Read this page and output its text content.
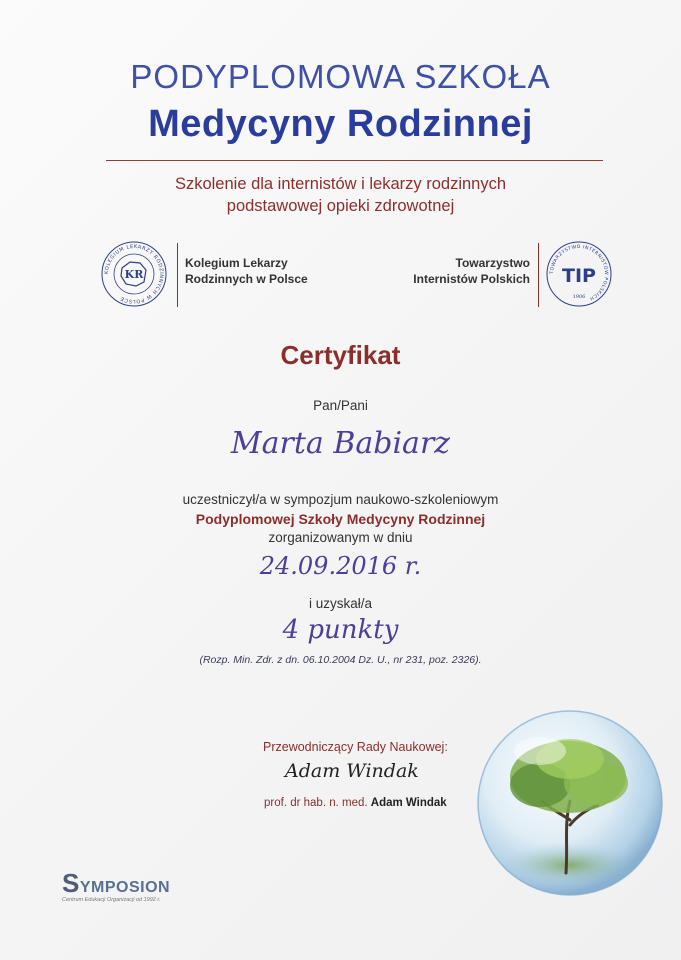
PODYPLOMOWA SZKOŁA
Medycyny Rodzinnej
Szkolenie dla internistów i lekarzy rodzinnych
podstawowej opieki zdrowotnej
KOLEGIUM LEKARZY RODZINNYCH W POLSCE
KR
Kolegium Lekarzy
Rodzinnych w Polsce
Towarzystwo
Internistów Polskich	TOWARZYSTWO INTERNISTÓW POLSKICH
TIP
1906
Certyfikat
Pan/Pani
Marta Babiarz
uczestniczył/a w sympozjum naukowo-szkoleniowym
Podyplomowej Szkoły Medycyny Rodzinnej
zorganizowanym w dniu
24.09.2016 r.
i uzyskał/a
4 punkty
(Rozp. Min. Zdr. z dn. 06.10.2004 Dz. U., nr 231, poz. 2326).
Przewodniczący Rady Naukowej:
Adam Windak
prof. dr hab. n. med. Adam Windak
SYMPOSION
Centrum Edukacji Organizacji od 1992 r.
